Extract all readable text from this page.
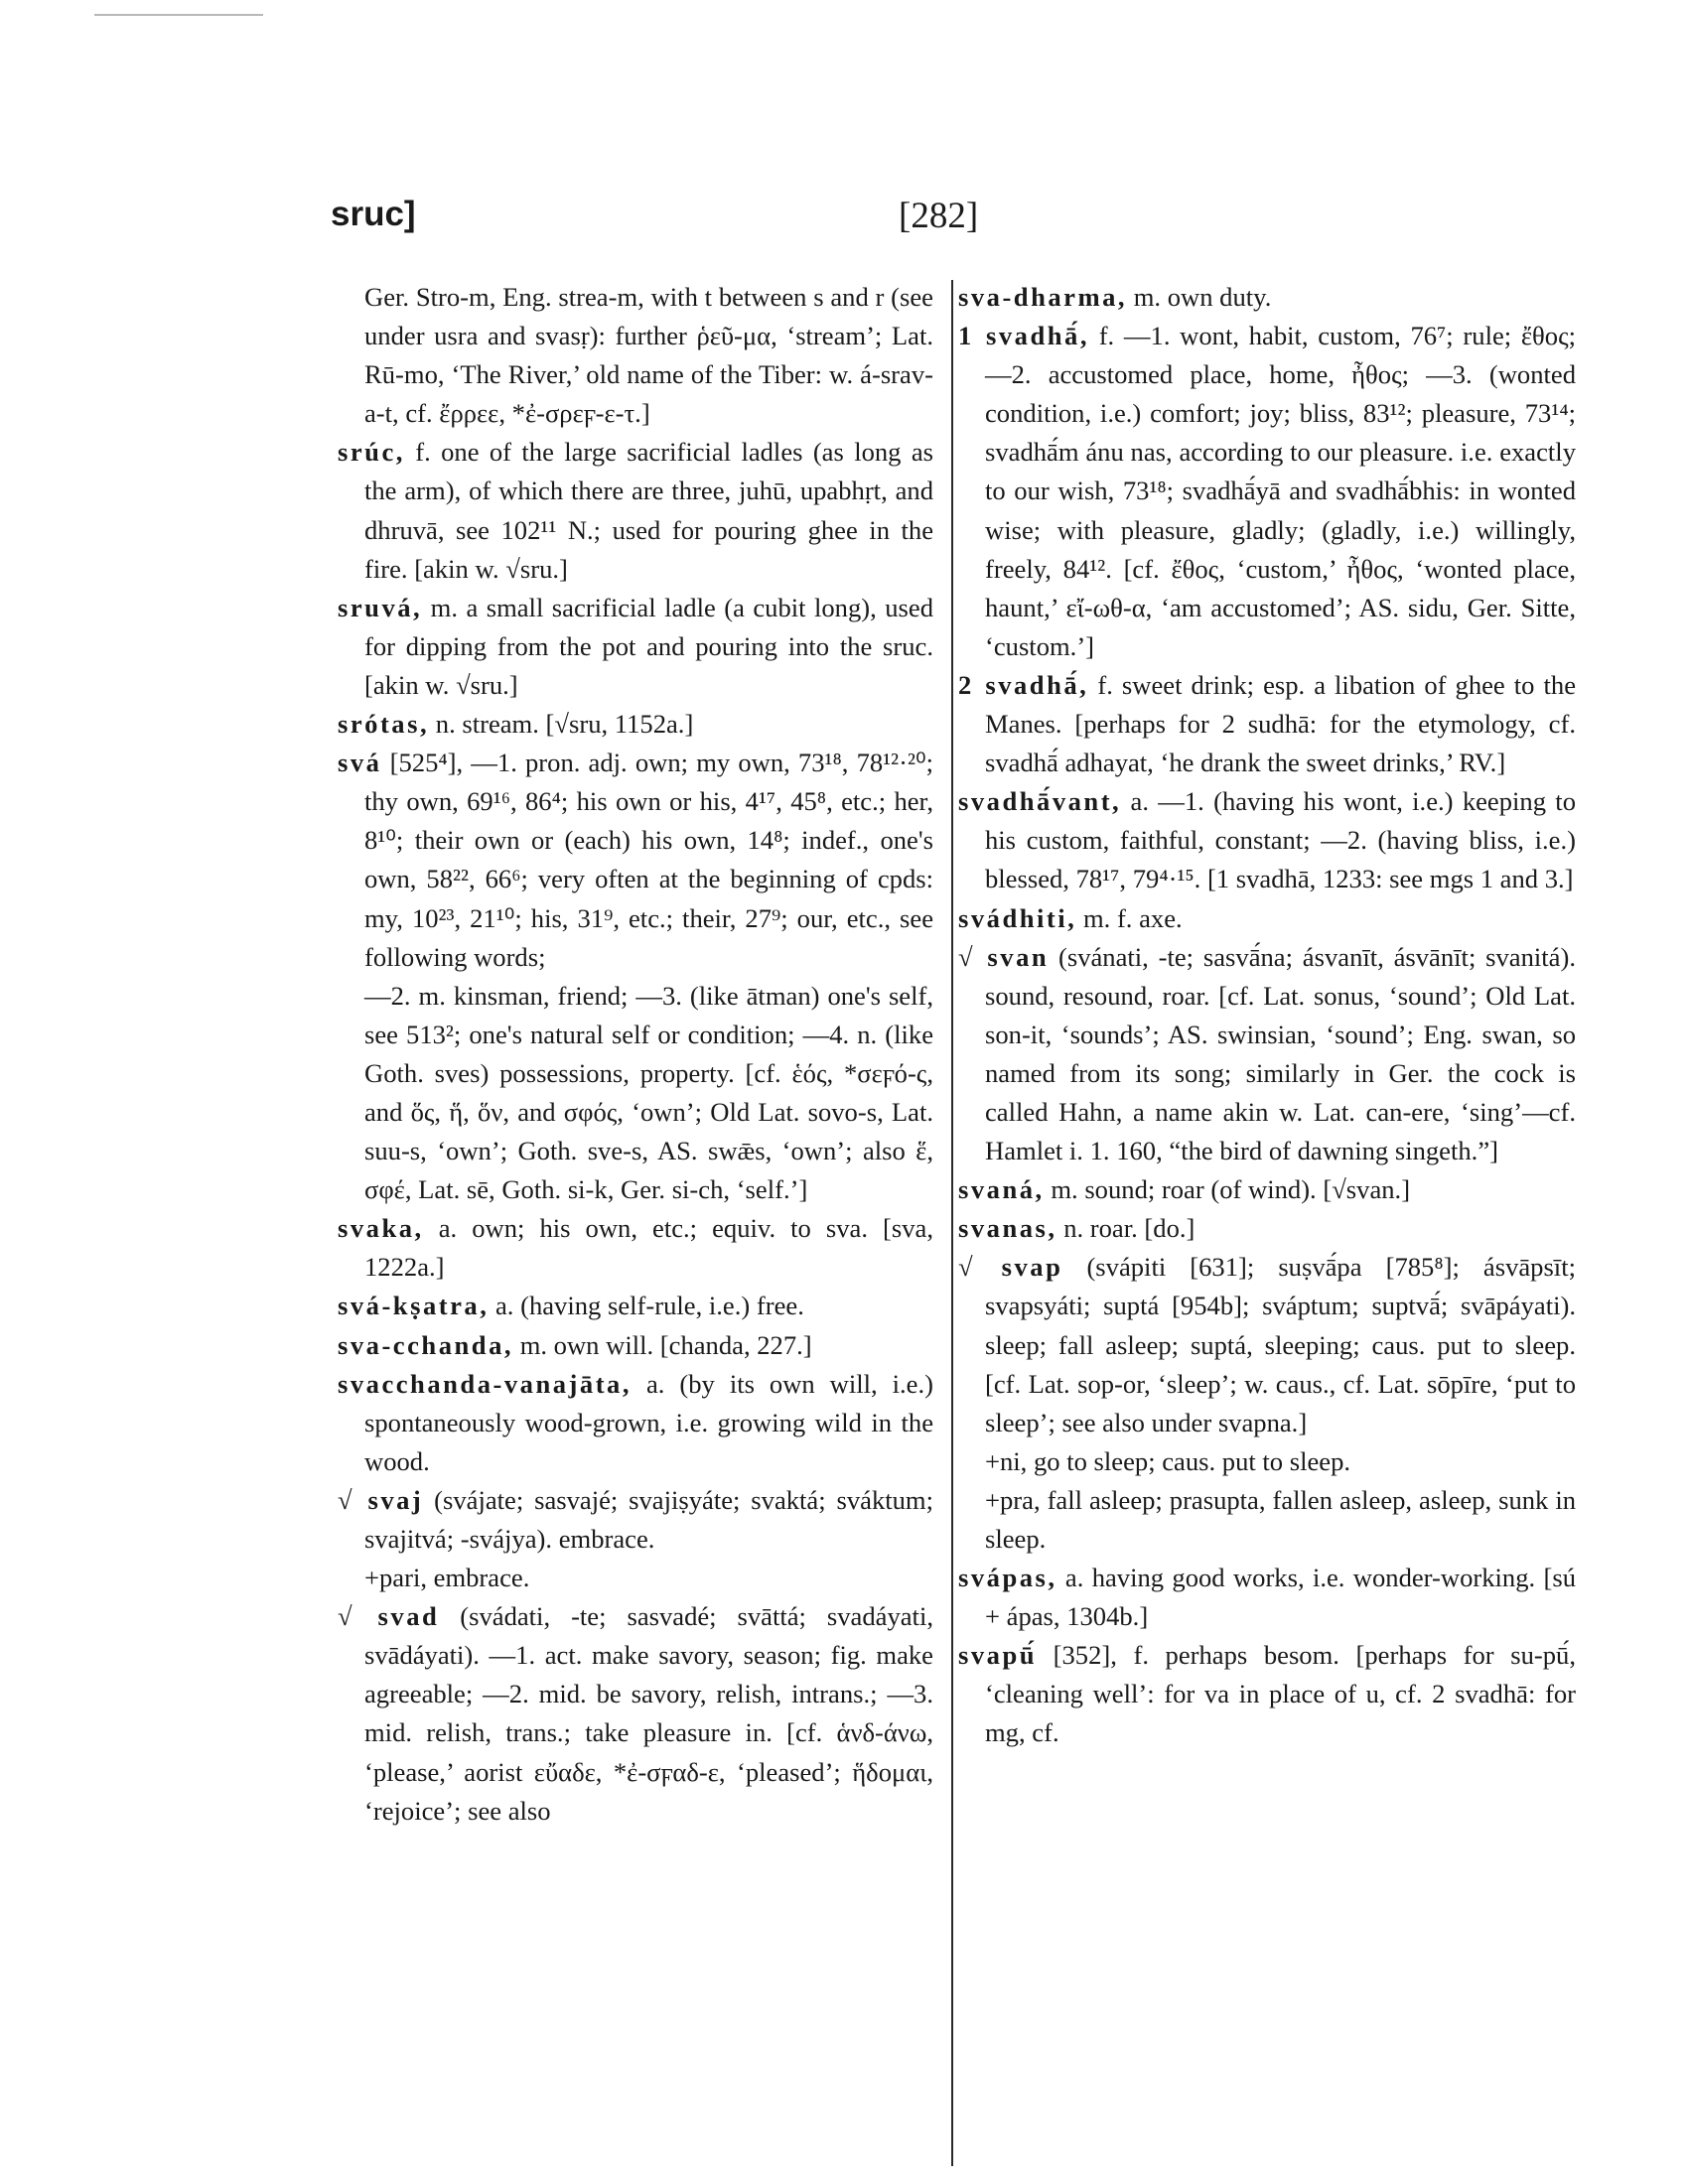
sruc]	[282]

Ger. Stro-m, Eng. strea-m, with t between s and r (see under usra and svasṛ): further ῥεῦ-μα, ‘stream’; Lat. Rū-mo, ‘The River,’ old name of the Tiber: w. á-srav-a-t, cf. ἔρρεε, *ἐ-σρεϝ-ε-τ.]

srúc, f. one of the large sacrificial ladles (as long as the arm), of which there are three, juhū, upabhṛt, and dhruvā, see 102¹¹ N.; used for pouring ghee in the fire. [akin w. √sru.]

sruvá, m. a small sacrificial ladle (a cubit long), used for dipping from the pot and pouring into the sruc. [akin w. √sru.]

srótas, n. stream. [√sru, 1152a.]

svá [525⁴], —1. pron. adj. own; my own, 73¹⁸, 78¹²·²⁰; thy own, 69¹⁶, 86⁴; his own or his, 4¹⁷, 45⁸, etc.; her, 8¹⁰; their own or (each) his own, 14⁸; indef., one's own, 58²², 66⁶; very often at the beginning of cpds: my, 10²³, 21¹⁰; his, 31⁹, etc.; their, 27⁹; our, etc., see following words;

—2. m. kinsman, friend; —3. (like ātman) one's self, see 513²; one's natural self or condition; —4. n. (like Goth. sves) possessions, property. [cf. ἑός, *σεϝό-ς, and ὅς, ἥ, ὅν, and σφός, ‘own’; Old Lat. sovo-s, Lat. suu-s, ‘own’; Goth. sve-s, AS. swǣs, ‘own’; also ἕ, σφέ, Lat. sē, Goth. si-k, Ger. si-ch, ‘self.’]

svaka, a. own; his own, etc.; equiv. to sva. [sva, 1222a.]

svá-kṣatra, a. (having self-rule, i.e.) free.

sva-cchanda, m. own will. [chanda, 227.]

svacchanda-vanajāta, a. (by its own will, i.e.) spontaneously wood-grown, i.e. growing wild in the wood.

√ svaj (svájate; sasvajé; svajiṣyáte; svaktá; sváktum; svajitvá; -svájya). embrace.

+pari, embrace.

√ svad (svádati, -te; sasvadé; svāttá; svadáyati, svādáyati). —1. act. make savory, season; fig. make agreeable; —2. mid. be savory, relish, intrans.; —3. mid. relish, trans.; take pleasure in. [cf. ἁνδ-άνω, ‘please,’ aorist εὔαδε, *ἐ-σϝαδ-ε, ‘pleased’; ἥδομαι, ‘rejoice’; see also

sva-dharma, m. own duty.

1 svadhā́, f. —1. wont, habit, custom, 76⁷; rule; ἔθος; —2. accustomed place, home, ἦθος; —3. (wonted condition, i.e.) comfort; joy; bliss, 83¹²; pleasure, 73¹⁴; svadhā́m ánu nas, according to our pleasure. i.e. exactly to our wish, 73¹⁸; svadhā́yā and svadhā́bhis: in wonted wise; with pleasure, gladly; (gladly, i.e.) willingly, freely, 84¹². [cf. ἔθος, ‘custom,’ ἦθος, ‘wonted place, haunt,’ εἴ-ωθ-α, ‘am accustomed’; AS. sidu, Ger. Sitte, ‘custom.’]

2 svadhā́, f. sweet drink; esp. a libation of ghee to the Manes. [perhaps for 2 sudhā: for the etymology, cf. svadhā́ adhayat, ‘he drank the sweet drinks,’ RV.]

svadhā́vant, a. —1. (having his wont, i.e.) keeping to his custom, faithful, constant; —2. (having bliss, i.e.) blessed, 78¹⁷, 79⁴·¹⁵. [1 svadhā, 1233: see mgs 1 and 3.]

svádhiti, m. f. axe.

√ svan (svánati, -te; sasvā́na; ásvanīt, ásvānīt; svanitá). sound, resound, roar. [cf. Lat. sonus, ‘sound’; Old Lat. son-it, ‘sounds’; AS. swinsian, ‘sound’; Eng. swan, so named from its song; similarly in Ger. the cock is called Hahn, a name akin w. Lat. can-ere, ‘sing’—cf. Hamlet i. 1. 160, “the bird of dawning singeth.”]

svaná, m. sound; roar (of wind). [√svan.]

svanas, n. roar. [do.]

√ svap (svápiti [631]; suṣvā́pa [785⁸]; ásvāpsīt; svapsyáti; suptá [954b]; sváptum; suptvā́; svāpáyati). sleep; fall asleep; suptá, sleeping; caus. put to sleep. [cf. Lat. sop-or, ‘sleep’; w. caus., cf. Lat. sōpīre, ‘put to sleep’; see also under svapna.]

+ni, go to sleep; caus. put to sleep.

+pra, fall asleep; prasupta, fallen asleep, asleep, sunk in sleep.

svápas, a. having good works, i.e. wonder-working. [sú + ápas, 1304b.]

svapū́ [352], f. perhaps besom. [perhaps for su-pū́, ‘cleaning well’: for va in place of u, cf. 2 svadhā: for mg, cf.
